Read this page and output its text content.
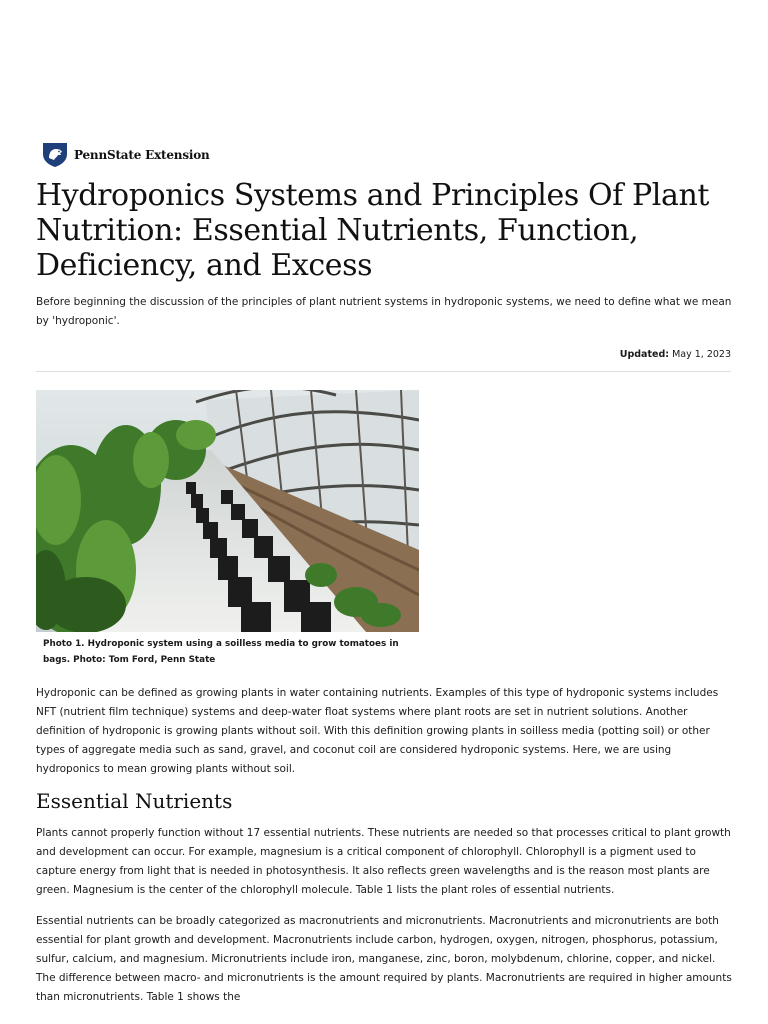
PennState Extension
Hydroponics Systems and Principles Of Plant Nutrition: Essential Nutrients, Function, Deficiency, and Excess

Before beginning the discussion of the principles of plant nutrient systems in hydroponic systems, we need to define what we mean by 'hydroponic'.

Updated: May 1, 2023

Photo 1. Hydroponic system using a soilless media to grow tomatoes in bags. Photo: Tom Ford, Penn State

Hydroponic can be defined as growing plants in water containing nutrients. Examples of this type of hydroponic systems includes NFT (nutrient film technique) systems and deep-water float systems where plant roots are set in nutrient solutions. Another definition of hydroponic is growing plants without soil. With this definition growing plants in soilless media (potting soil) or other types of aggregate media such as sand, gravel, and coconut coil are considered hydroponic systems. Here, we are using hydroponics to mean growing plants without soil.

Essential Nutrients

Plants cannot properly function without 17 essential nutrients. These nutrients are needed so that processes critical to plant growth and development can occur. For example, magnesium is a critical component of chlorophyll. Chlorophyll is a pigment used to capture energy from light that is needed in photosynthesis. It also reflects green wavelengths and is the reason most plants are green. Magnesium is the center of the chlorophyll molecule. Table 1 lists the plant roles of essential nutrients.

Essential nutrients can be broadly categorized as macronutrients and micronutrients. Macronutrients and micronutrients are both essential for plant growth and development. Macronutrients include carbon, hydrogen, oxygen, nitrogen, phosphorus, potassium, sulfur, calcium, and magnesium. Micronutrients include iron, manganese, zinc, boron, molybdenum, chlorine, copper, and nickel. The difference between macro- and micronutrients is the amount required by plants. Macronutrients are required in higher amounts than micronutrients. Table 1 shows the
